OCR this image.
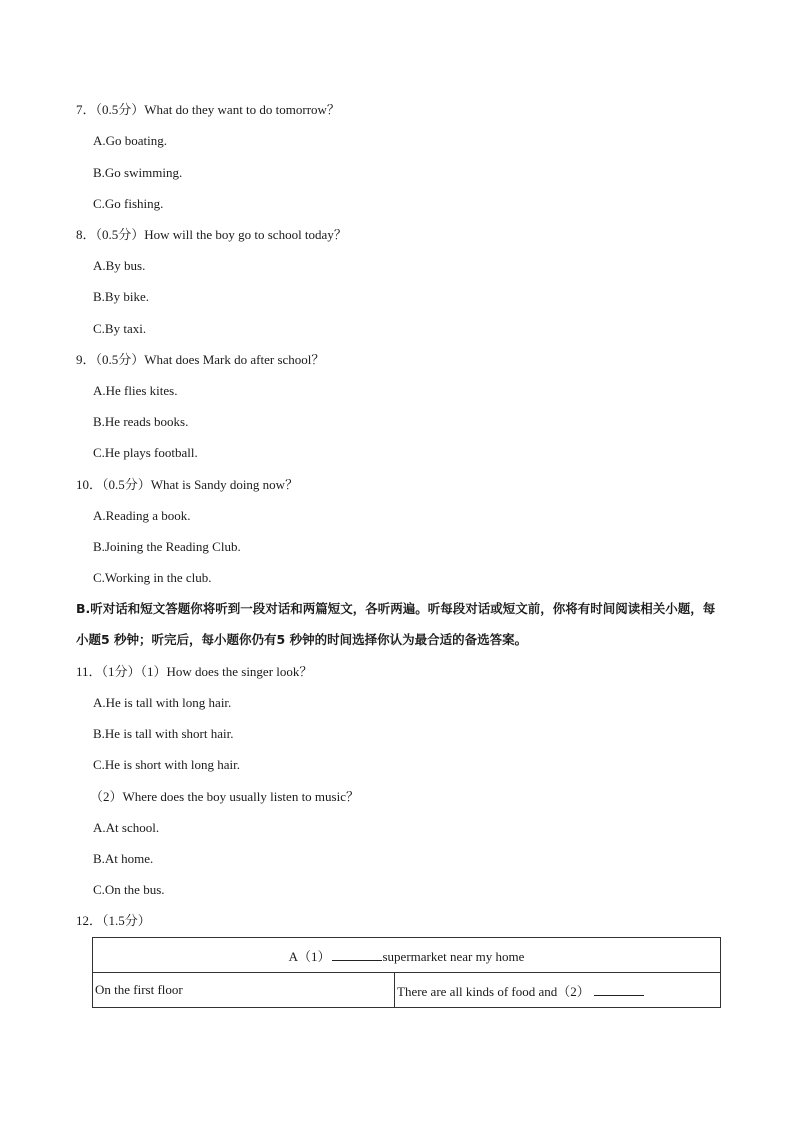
7．（0.5分）What do they want to do tomorrow？
A.Go boating.
B.Go swimming.
C.Go fishing.
8．（0.5分）How will the boy go to school today？
A.By bus.
B.By bike.
C.By taxi.
9．（0.5分）What does Mark do after school？
A.He flies kites.
B.He reads books.
C.He plays football.
10．（0.5分）What is Sandy doing now？
A.Reading a book.
B.Joining the Reading Club.
C.Working in the club.
B.听对话和短文答题你将听到一段对话和两篇短文，各听两遍。听每段对话或短文前，你将有时间阅读相关小题，每小题5 秒钟；听完后，每小题你仍有5 秒钟的时间选择你认为最合适的备选答案。
11．（1分）（1）How does the singer look？
A.He is tall with long hair.
B.He is tall with short hair.
C.He is short with long hair.
（2）Where does the boy usually listen to music？
A.At school.
B.At home.
C.On the bus.
12．（1.5分）
A（1）	supermarket near my home
On the first floor	There are all kinds of food and（2）
